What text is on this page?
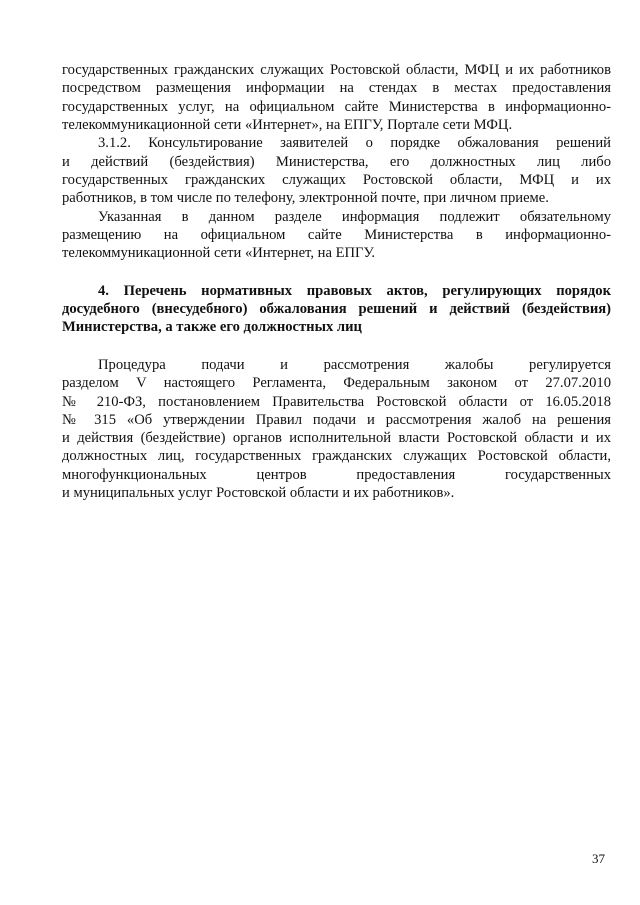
государственных гражданских служащих Ростовской области, МФЦ и их работников
посредством размещения информации на стендах в местах предоставления
государственных услуг, на официальном сайте Министерства в информационно-
телекоммуникационной сети «Интернет», на ЕПГУ, Портале сети МФЦ.
3.1.2. Консультирование заявителей о порядке обжалования решений
и действий (бездействия) Министерства, его должностных лиц либо
государственных гражданских служащих Ростовской области, МФЦ и их
работников, в том числе по телефону, электронной почте, при личном приеме.
Указанная в данном разделе информация подлежит обязательному
размещению на официальном сайте Министерства в информационно-
телекоммуникационной сети «Интернет, на ЕПГУ.
4. Перечень нормативных правовых актов, регулирующих порядок
досудебного (внесудебного) обжалования решений и действий (бездействия)
Министерства, а также его должностных лиц
Процедура подачи и рассмотрения жалобы регулируется
разделом V настоящего Регламента, Федеральным законом от 27.07.2010
№ 210-ФЗ, постановлением Правительства Ростовской области от 16.05.2018
№ 315 «Об утверждении Правил подачи и рассмотрения жалоб на решения
и действия (бездействие) органов исполнительной власти Ростовской области и их
должностных лиц, государственных гражданских служащих Ростовской области,
многофункциональных центров предоставления государственных
и муниципальных услуг Ростовской области и их работников».
37
